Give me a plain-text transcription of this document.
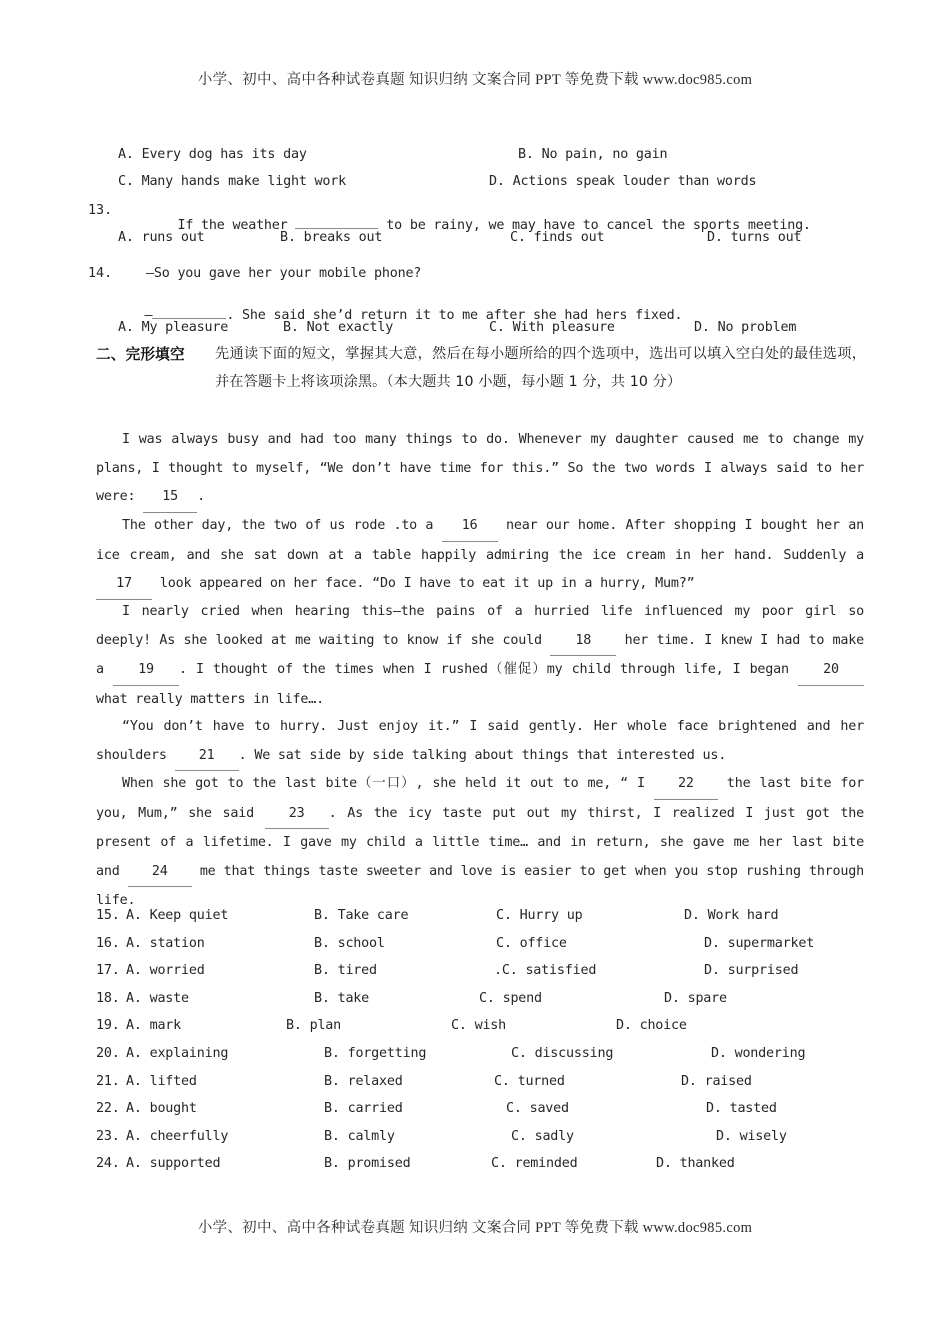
小学、初中、高中各种试卷真题 知识归纳 文案合同 PPT 等免费下载 www.doc985.com
A. Every dog has its day	B. No pain, no gain
C. Many hands make light work	D. Actions speak louder than words
13.

If the weather	to be rainy, we may have to cancel the sports meeting.

A. runs out	B. breaks out	C. finds out	D. turns out
14.	—So you gave her your mobile phone?

—	. She said she’d return it to me after she had hers fixed.

A. My pleasure	B. Not exactly	C. With pleasure	D. No problem
二、完形填空 先通读下面的短文，掌握其大意，然后在每小题所给的四个选项中，选出可以填入空白处的最佳选项，并在答题卡上将该项涂黑。（本大题共 10 小题，每小题 1 分，共 10 分）
I was always busy and had too many things to do. Whenever my daughter caused me to change my plans, I thought to myself, “We don’t have time for this.” So the two words I always said to her were: 15 .
The other day, the two of us rode .to a 16 near our home. After shopping I bought her an ice cream, and she sat down at a table happily admiring the ice cream in her hand. Suddenly a 17 look appeared on her face. “Do I have to eat it up in a hurry, Mum?”
I nearly cried when hearing this—the pains of a hurried life influenced my poor girl so deeply! As she looked at me waiting to know if she could 18 her time. I knew I had to make a 19 . I thought of the times when I rushed（催促）my child through life, I began 20what really matters in life….
“You don’t have to hurry. Just enjoy it.” I said gently. Her whole face brightened and her shoulders 21 . We sat side by side talking about things that interested us.
When she got to the last bite（一口）, she held it out to me, “ I 22 the last bite for you, Mum,” she said 23 . As the icy taste put out my thirst, I realized I just got the present of a lifetime. I gave my child a little time… and in return, she gave me her last bite and 24 me that things taste sweeter and love is easier to get when you stop rushing through life.
15. A. Keep quiet	B. Take care	C. Hurry up	D. Work hard
16. A. station	B. school	C. office	D. supermarket
17. A. worried	B. tired	.C. satisfied	D. surprised
18. A. waste	B. take	C. spend	D. spare
19. A. mark	B. plan	C. wish	D. choice
20. A. explaining	B. forgetting	C. discussing	D. wondering
21. A. lifted	B. relaxed	C. turned	D. raised
22. A. bought	B. carried	C. saved	D. tasted
23. A. cheerfully	B. calmly	C. sadly	D. wisely
24. A. supported	B. promised	C. reminded	D. thanked
小学、初中、高中各种试卷真题 知识归纳 文案合同 PPT 等免费下载 www.doc985.com
